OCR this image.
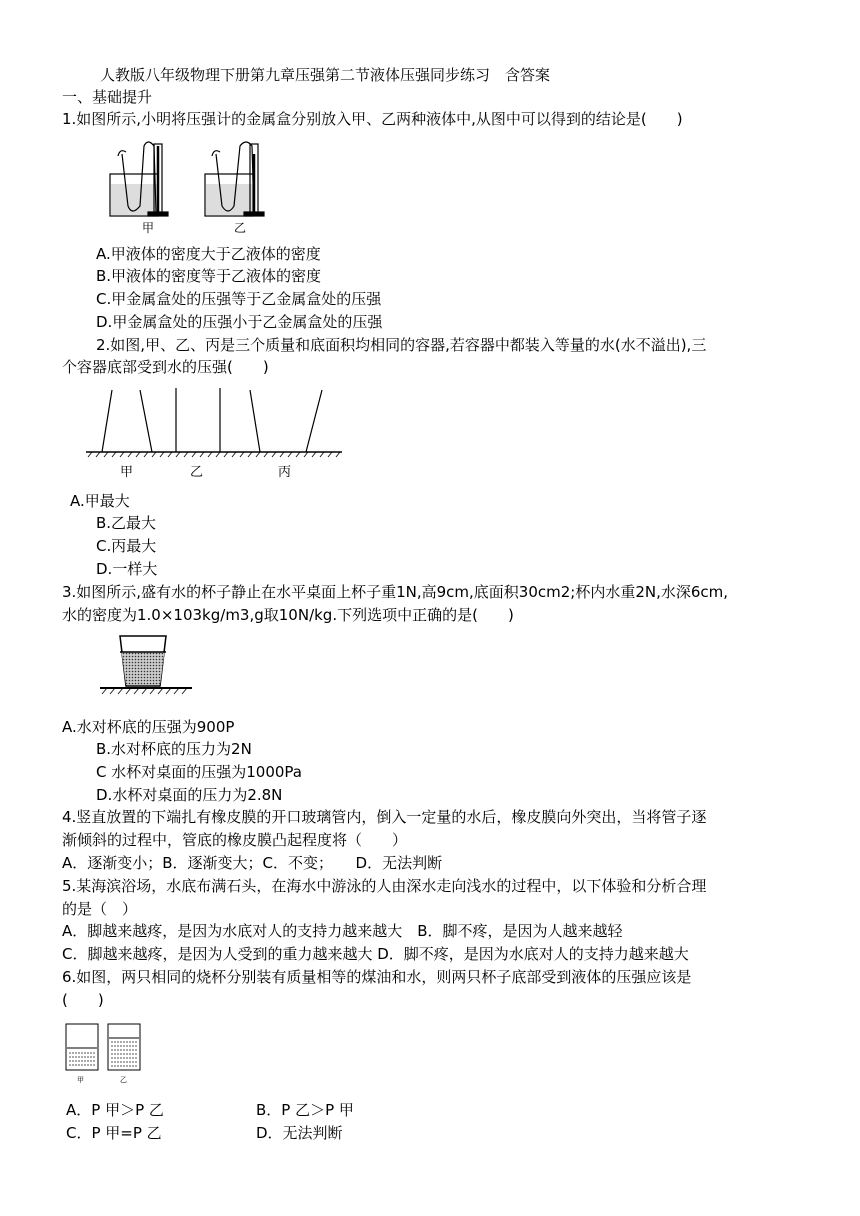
人教版八年级物理下册第九章压强第二节液体压强同步练习　含答案
一、基础提升
1.如图所示,小明将压强计的金属盒分别放入甲、乙两种液体中,从图中可以得到的结论是(　　)
甲	乙
A.甲液体的密度大于乙液体的密度
B.甲液体的密度等于乙液体的密度
C.甲金属盒处的压强等于乙金属盒处的压强
D.甲金属盒处的压强小于乙金属盒处的压强
2.如图,甲、乙、丙是三个质量和底面积均相同的容器,若容器中都装入等量的水(水不溢出),三
个容器底部受到水的压强(　　)
甲	乙	丙
A.甲最大
B.乙最大
C.丙最大
D.一样大
3.如图所示,盛有水的杯子静止在水平桌面上杯子重1N,高9cm,底面积30cm2;杯内水重2N,水深6cm,
水的密度为1.0×103kg/m3,g取10N/kg.下列选项中正确的是(　　)
A.水对杯底的压强为900P
B.水对杯底的压力为2N
C 水杯对桌面的压强为1000Pa
D.水杯对桌面的压力为2.8N
4.竖直放置的下端扎有橡皮膜的开口玻璃管内，倒入一定量的水后，橡皮膜向外突出，当将管子逐
渐倾斜的过程中，管底的橡皮膜凸起程度将（　　）
A．逐渐变小；B．逐渐变大；C．不变；　　D．无法判断
5.某海滨浴场，水底布满石头，在海水中游泳的人由深水走向浅水的过程中，以下体验和分析合理
的是（　）
A．脚越来越疼，是因为水底对人的支持力越来越大　B．脚不疼，是因为人越来越轻
C．脚越来越疼，是因为人受到的重力越来越大 D．脚不疼，是因为水底对人的支持力越来越大
6.如图，两只相同的烧杯分别装有质量相等的煤油和水，则两只杯子底部受到液体的压强应该是
(　　)
甲	乙
A．P 甲＞P 乙	B．P 乙＞P 甲
C．P 甲=P 乙	D．无法判断
